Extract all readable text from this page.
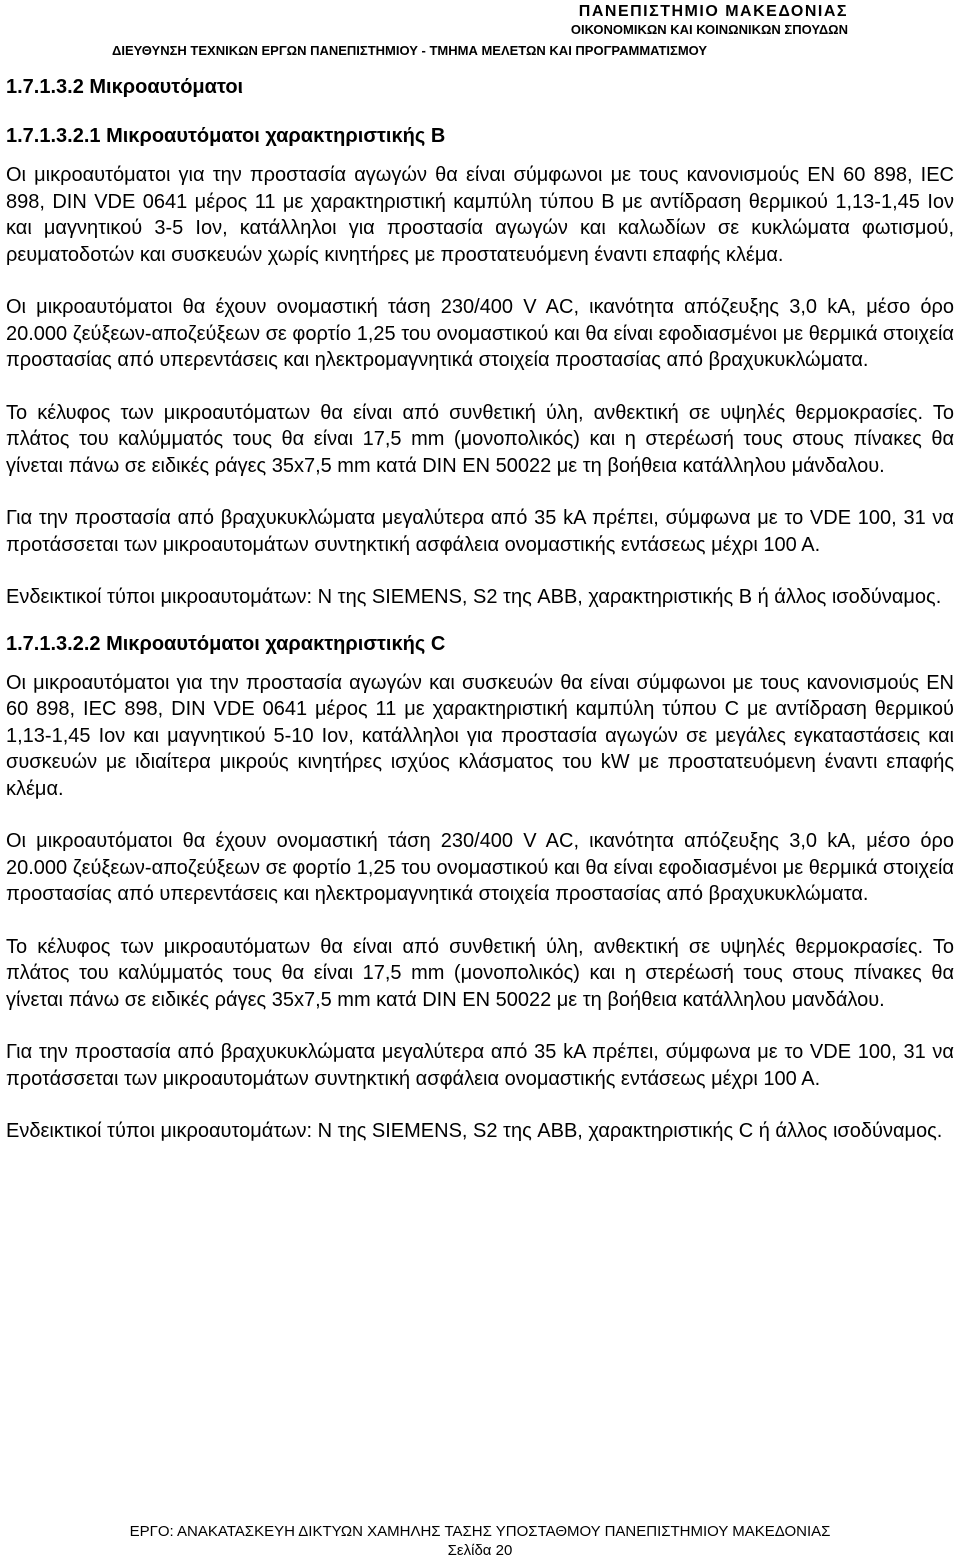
ΠΑΝΕΠΙΣΤΗΜΙΟ ΜΑΚΕΔΟΝΙΑΣ
ΟΙΚΟΝΟΜΙΚΩΝ ΚΑΙ ΚΟΙΝΩΝΙΚΩΝ ΣΠΟΥΔΩΝ
ΔΙΕΥΘΥΝΣΗ ΤΕΧΝΙΚΩΝ ΕΡΓΩΝ ΠΑΝΕΠΙΣΤΗΜΙΟΥ - ΤΜΗΜΑ ΜΕΛΕΤΩΝ ΚΑΙ ΠΡΟΓΡΑΜΜΑΤΙΣΜΟΥ
1.7.1.3.2 Μικροαυτόματοι
1.7.1.3.2.1 Μικροαυτόματοι χαρακτηριστικής Β

Οι μικροαυτόματοι για την προστασία αγωγών θα είναι σύμφωνοι με τους κανονισμούς ΕΝ 60 898, IEC 898, DIN VDE 0641 μέρος 11 με χαρακτηριστική καμπύλη τύπου Β με αντίδραση θερμικού 1,13-1,45 Ιον και μαγνητικού 3-5 Ιον, κατάλληλοι για προστασία αγωγών και καλωδίων σε κυκλώματα φωτισμού, ρευματοδοτών και συσκευών χωρίς κινητήρες με προστατευόμενη έναντι επαφής κλέμα.

Οι μικροαυτόματοι θα έχουν ονομαστική τάση 230/400 V AC, ικανότητα απόζευξης 3,0 kA, μέσο όρο 20.000 ζεύξεων-αποζεύξεων σε φορτίο 1,25 του ονομαστικού και θα είναι εφοδιασμένοι με θερμικά στοιχεία προστασίας από υπερεντάσεις και ηλεκτρομαγνητικά στοιχεία προστασίας από βραχυκυκλώματα.

Το κέλυφος των μικροαυτόματων θα είναι από συνθετική ύλη, ανθεκτική σε υψηλές θερμοκρασίες. Το πλάτος του καλύμματός τους θα είναι 17,5 mm (μονοπολικός) και η στερέωσή τους στους πίνακες θα γίνεται πάνω σε ειδικές ράγες 35x7,5 mm κατά DIN EN 50022 με τη βοήθεια κατάλληλου μάνδαλου.

Για την προστασία από βραχυκυκλώματα μεγαλύτερα από 35 kA πρέπει, σύμφωνα με το VDE 100, 31 να προτάσσεται των μικροαυτομάτων συντηκτική ασφάλεια ονομαστικής εντάσεως μέχρι 100 Α.

Ενδεικτικοί τύποι μικροαυτομάτων: Ν της SIEMENS, S2 της ABB, χαρακτηριστικής Β ή άλλος ισοδύναμος.

1.7.1.3.2.2 Μικροαυτόματοι χαρακτηριστικής C

Οι μικροαυτόματοι για την προστασία αγωγών και συσκευών θα είναι σύμφωνοι με τους κανονισμούς ΕΝ 60 898, IEC 898, DIN VDE 0641 μέρος 11 με χαρακτηριστική καμπύλη τύπου C με αντίδραση θερμικού 1,13-1,45 Ιον και μαγνητικού 5-10 Ιον, κατάλληλοι για προστασία αγωγών σε μεγάλες εγκαταστάσεις και συσκευών με ιδιαίτερα μικρούς κινητήρες ισχύος κλάσματος του kW με προστατευόμενη έναντι επαφής κλέμα.

Οι μικροαυτόματοι θα έχουν ονομαστική τάση 230/400 V AC, ικανότητα απόζευξης 3,0 kA, μέσο όρο 20.000 ζεύξεων-αποζεύξεων σε φορτίο 1,25 του ονομαστικού και θα είναι εφοδιασμένοι με θερμικά στοιχεία προστασίας από υπερεντάσεις και ηλεκτρομαγνητικά στοιχεία προστασίας από βραχυκυκλώματα.

Το κέλυφος των μικροαυτόματων θα είναι από συνθετική ύλη, ανθεκτική σε υψηλές θερμοκρασίες. Το πλάτος του καλύμματός τους θα είναι 17,5 mm (μονοπολικός) και η στερέωσή τους στους πίνακες θα γίνεται πάνω σε ειδικές ράγες 35x7,5 mm κατά DIN EN 50022 με τη βοήθεια κατάλληλου μανδάλου.

Για την προστασία από βραχυκυκλώματα μεγαλύτερα από 35 kA πρέπει, σύμφωνα με το VDE 100, 31 να προτάσσεται των μικροαυτομάτων συντηκτική ασφάλεια ονομαστικής εντάσεως μέχρι 100 Α.

Ενδεικτικοί τύποι μικροαυτομάτων: Ν της SIEMENS, S2 της ABB, χαρακτηριστικής C ή άλλος ισοδύναμος.

ΕΡΓΟ: ΑΝΑΚΑΤΑΣΚΕΥΗ ΔΙΚΤΥΩΝ ΧΑΜΗΛΗΣ ΤΑΣΗΣ ΥΠΟΣΤΑΘΜΟΥ ΠΑΝΕΠΙΣΤΗΜΙΟΥ ΜΑΚΕΔΟΝΙΑΣ
Σελίδα 20
